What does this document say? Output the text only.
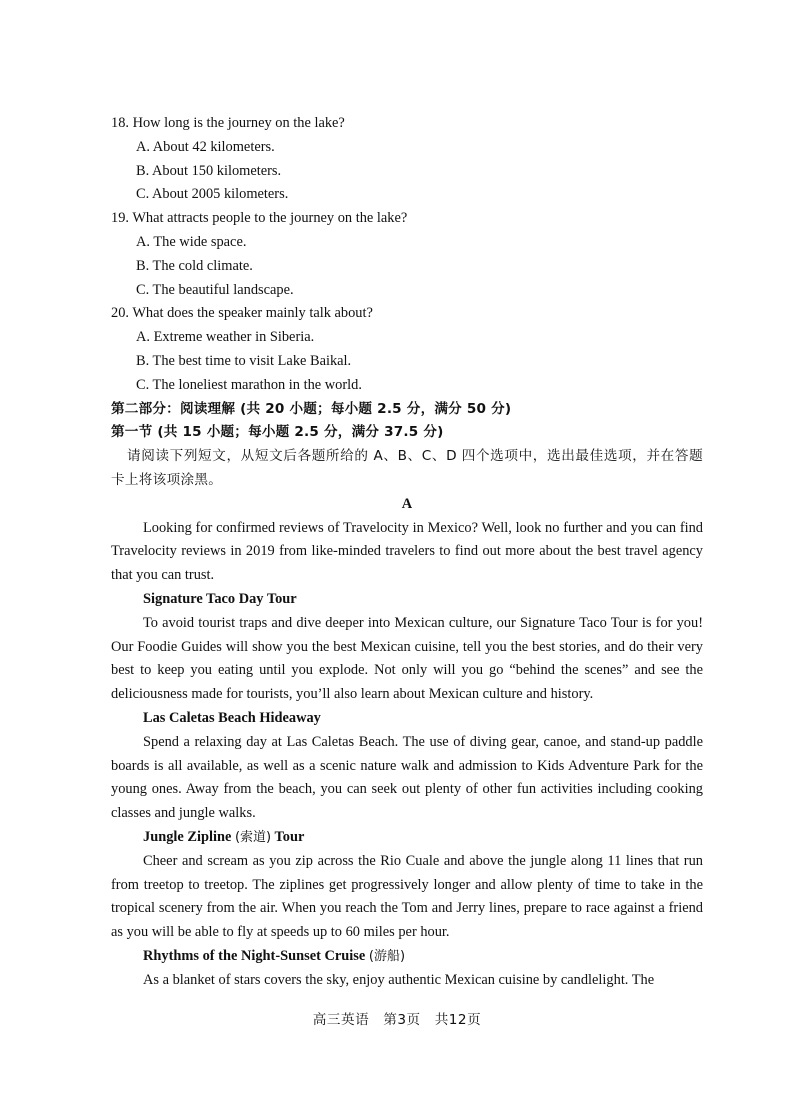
18. How long is the journey on the lake?
A. About 42 kilometers.
B. About 150 kilometers.
C. About 2005 kilometers.
19. What attracts people to the journey on the lake?
A. The wide space.
B. The cold climate.
C. The beautiful landscape.
20. What does the speaker mainly talk about?
A. Extreme weather in Siberia.
B. The best time to visit Lake Baikal.
C. The loneliest marathon in the world.
第二部分：阅读理解 (共 20 小题；每小题 2.5 分，满分 50 分)
第一节 (共 15 小题；每小题 2.5 分，满分 37.5 分)
请阅读下列短文，从短文后各题所给的 A、B、C、D 四个选项中，选出最佳选项，并在答题卡上将该项涂黑。
A
Looking for confirmed reviews of Travelocity in Mexico? Well, look no further and you can find Travelocity reviews in 2019 from like-minded travelers to find out more about the best travel agency that you can trust.
Signature Taco Day Tour
To avoid tourist traps and dive deeper into Mexican culture, our Signature Taco Tour is for you! Our Foodie Guides will show you the best Mexican cuisine, tell you the best stories, and do their very best to keep you eating until you explode. Not only will you go “behind the scenes” and see the deliciousness made for tourists, you’ll also learn about Mexican culture and history.
Las Caletas Beach Hideaway
Spend a relaxing day at Las Caletas Beach. The use of diving gear, canoe, and stand-up paddle boards is all available, as well as a scenic nature walk and admission to Kids Adventure Park for the young ones. Away from the beach, you can seek out plenty of other fun activities including cooking classes and jungle walks.
Jungle Zipline (索道) Tour
Cheer and scream as you zip across the Rio Cuale and above the jungle along 11 lines that run from treetop to treetop. The ziplines get progressively longer and allow plenty of time to take in the tropical scenery from the air. When you reach the Tom and Jerry lines, prepare to race against a friend as you will be able to fly at speeds up to 60 miles per hour.
Rhythms of the Night-Sunset Cruise (游船)
As a blanket of stars covers the sky, enjoy authentic Mexican cuisine by candlelight. The
高三英语　第3页　共12页
